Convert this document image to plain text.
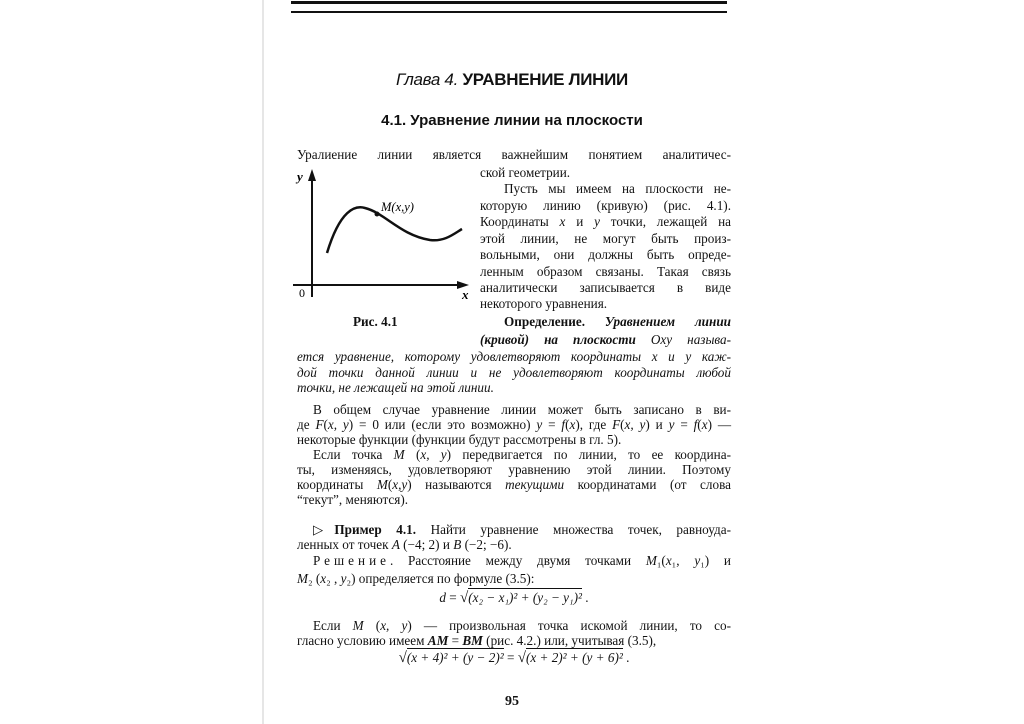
Глава 4. УРАВНЕНИЕ ЛИНИИ
4.1. Уравнение линии на плоскости
y
x
0
M(x,y)
Рис. 4.1
Уралиение линии является важнейшим понятием аналитичес-
ской геометрии.
Пусть мы имеем на плоскости не-
которую линию (кривую) (рис. 4.1).
Координаты x и y точки, лежащей на
этой линии, не могут быть произ-
вольными, они должны быть опреде-
ленным образом связаны. Такая связь
аналитически записывается в виде
некоторого уравнения.
Определение. Уравнением линии
(кривой) на плоскости Oxy называ-
ется уравнение, которому удовлетворяют координаты x и y каж-
дой точки данной линии и не удовлетворяют координаты любой
точки, не лежащей на этой линии.
В общем случае уравнение линии может быть записано в ви-
де F(x, y) = 0 или (если это возможно) y = f(x), где F(x, y) и y = f(x) —
некоторые функции (функции будут рассмотрены в гл. 5).
Если точка M (x, y) передвигается по линии, то ее координа-
ты, изменяясь, удовлетворяют уравнению этой линии. Поэтому
координаты M(x,y) называются текущими координатами (от слова
“текут”, меняются).
▷Пример 4.1. Найти уравнение множества точек, равноуда-
ленных от точек A (−4; 2) и B (−2; −6).
Решение. Расстояние между двумя точками M₁(x₁, y₁) и
M₂ (x₂ , y₂) определяется по формуле (3.5):
d = √(x₂ − x₁)² + (y₂ − y₁)² .
Если M (x, y) — произвольная точка искомой линии, то со-
гласно условию имеем AM = BM (рис. 4.2.) или, учитывая (3.5),
√(x + 4)² + (y − 2)² = √(x + 2)² + (y + 6)² .
95
